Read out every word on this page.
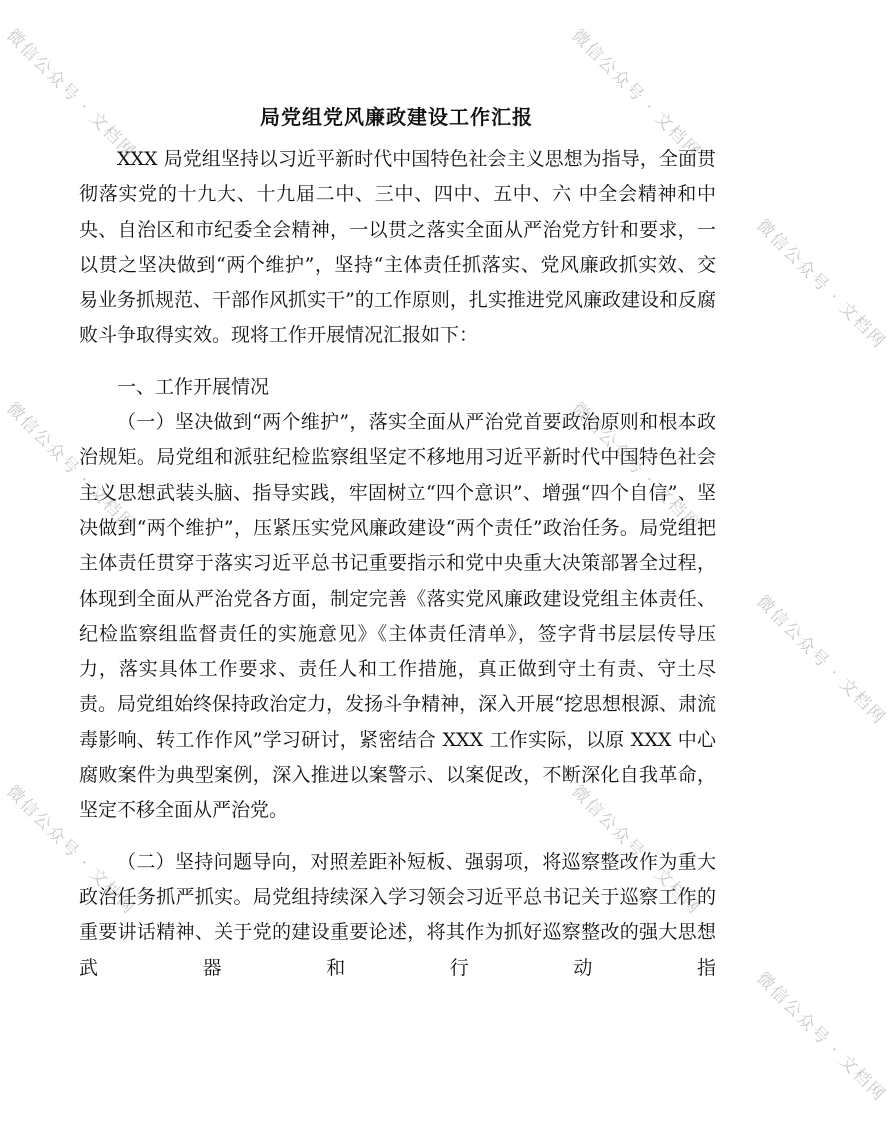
微信公众号 · 文档网	微信公众号 · 文档网
微信公众号 · 文档网	微信公众号 · 文档网
微信公众号 · 文档网	微信公众号 · 文档网
微信公众号 · 文档网
微信公众号 · 文档网
微信公众号 · 文档网
局党组党风廉政建设工作汇报

XXX 局党组坚持以习近平新时代中国特色社会主义思想为指导，全面贯彻落实党的十九大、十九届二中、三中、四中、五中、六 中全会精神和中央、自治区和市纪委全会精神，一以贯之落实全面从严治党方针和要求，一以贯之坚决做到“两个维护”，坚持“主体责任抓落实、党风廉政抓实效、交易业务抓规范、干部作风抓实干”的工作原则，扎实推进党风廉政建设和反腐败斗争取得实效。现将工作开展情况汇报如下：

一、工作开展情况

（一）坚决做到“两个维护”，落实全面从严治党首要政治原则和根本政治规矩。局党组和派驻纪检监察组坚定不移地用习近平新时代中国特色社会主义思想武装头脑、指导实践，牢固树立“四个意识”、增强“四个自信”、坚决做到“两个维护”，压紧压实党风廉政建设“两个责任”政治任务。局党组把主体责任贯穿于落实习近平总书记重要指示和党中央重大决策部署全过程，体现到全面从严治党各方面，制定完善《落实党风廉政建设党组主体责任、纪检监察组监督责任的实施意见》《主体责任清单》，签字背书层层传导压力，落实具体工作要求、责任人和工作措施，真正做到守土有责、守土尽责。局党组始终保持政治定力，发扬斗争精神，深入开展“挖思想根源、肃流毒影响、转工作作风”学习研讨，紧密结合 XXX 工作实际，以原 XXX 中心腐败案件为典型案例，深入推进以案警示、以案促改，不断深化自我革命，坚定不移全面从严治党。

（二）坚持问题导向，对照差距补短板、强弱项，将巡察整改作为重大政治任务抓严抓实。局党组持续深入学习领会习近平总书记关于巡察工作的重要讲话精神、关于党的建设重要论述，将其作为抓好巡察整改的强大思想武器和行动指
